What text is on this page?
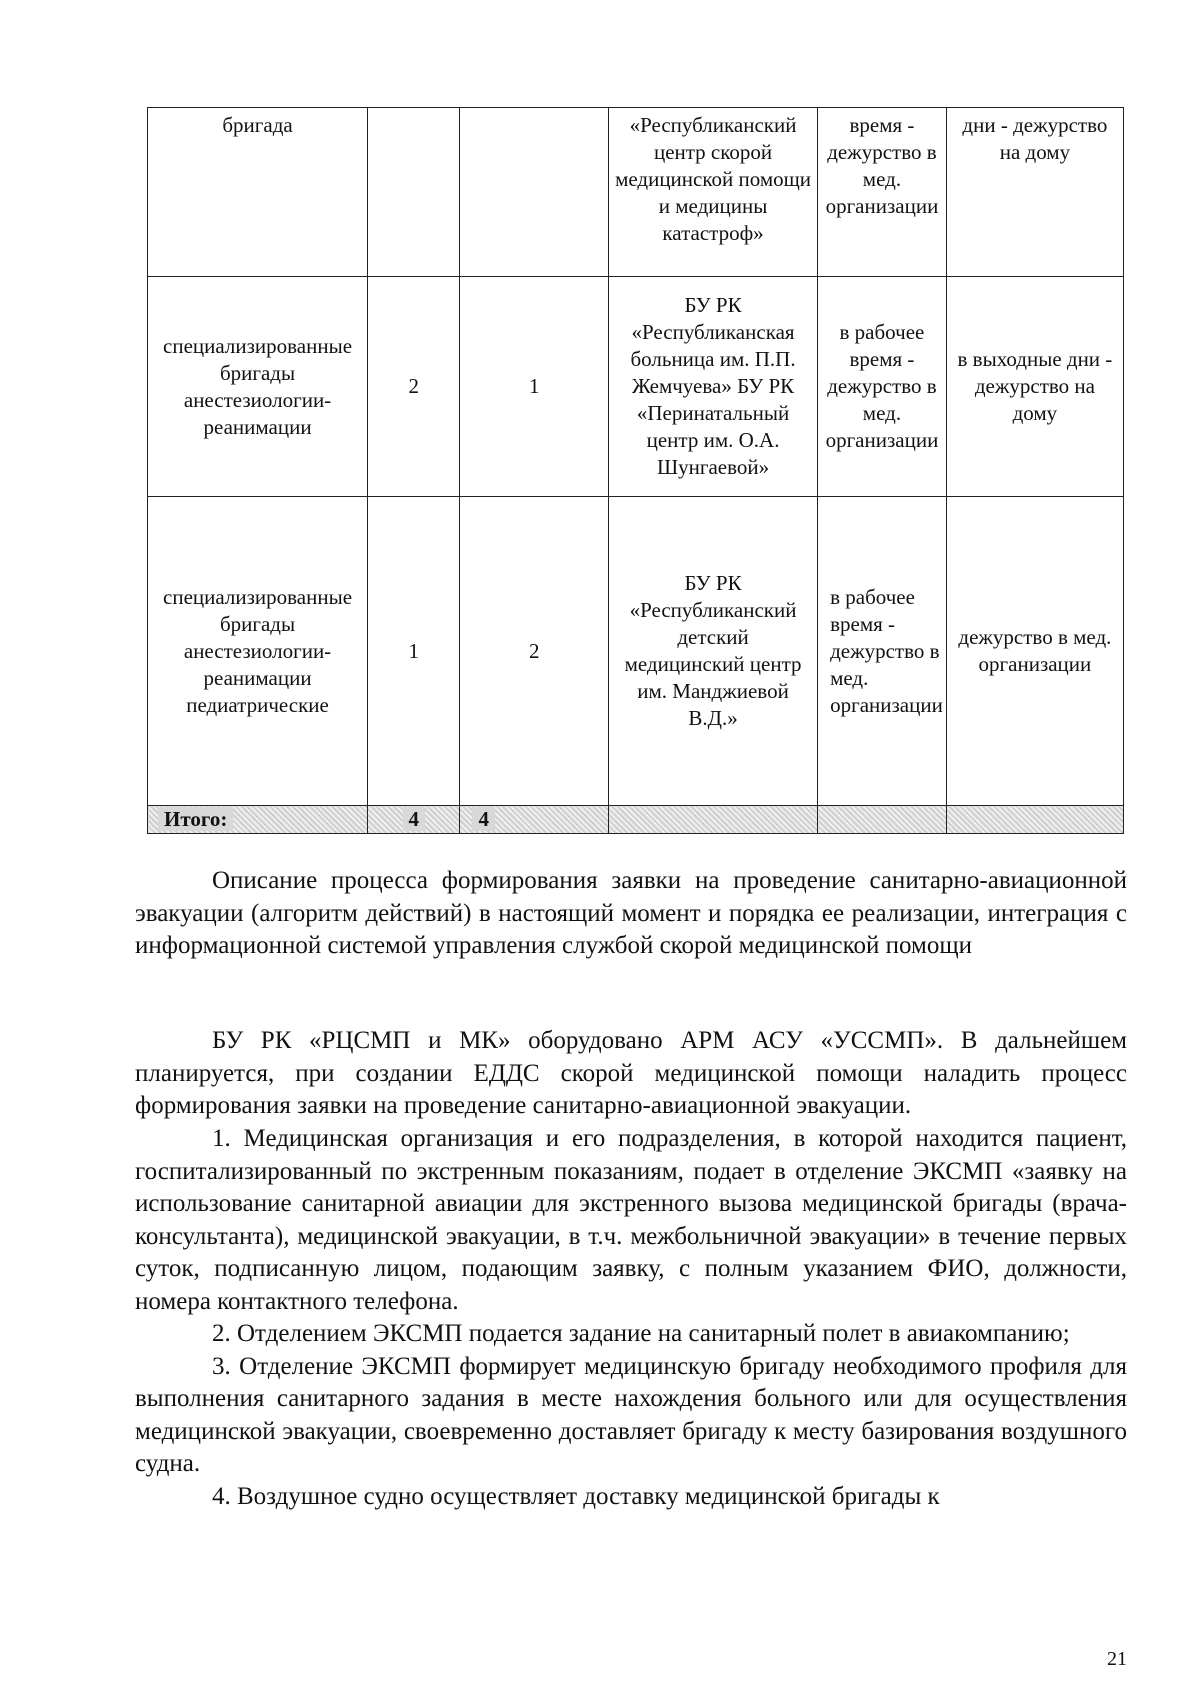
бригада			«Республиканский центр скорой медицинской помощи и медицины катастроф»	время - дежурство в мед. организации	дни - дежурство на дому
специализированные бригады анестезиологии-реанимации	2	1	БУ РК «Республиканская больница им. П.П. Жемчуева» БУ РК «Перинатальный центр им. О.А. Шунгаевой»	в рабочее время - дежурство в мед. организации	в выходные дни - дежурство на дому
специализированные бригады анестезиологии-реанимации педиатрические	1	2	БУ РК «Республиканский детский медицинский центр им. Манджиевой В.Д.»	в рабочее время - дежурство в мед. организации	дежурство в мед. организации
Итого:	4	4			

Описание процесса формирования заявки на проведение санитарно-авиационной эвакуации (алгоритм действий) в настоящий момент и порядка ее реализации, интеграция с информационной системой управления службой скорой медицинской помощи

БУ РК «РЦСМП и МК» оборудовано АРМ АСУ «УССМП». В дальнейшем планируется, при создании ЕДДС скорой медицинской помощи наладить процесс формирования заявки на проведение санитарно-авиационной эвакуации.

1. Медицинская организация и его подразделения, в которой находится пациент, госпитализированный по экстренным показаниям, подает в отделение ЭКСМП «заявку на использование санитарной авиации для экстренного вызова медицинской бригады (врача-консультанта), медицинской эвакуации, в т.ч. межбольничной эвакуации» в течение первых суток, подписанную лицом, подающим заявку, с полным указанием ФИО, должности, номера контактного телефона.

2. Отделением ЭКСМП подается задание на санитарный полет в авиакомпанию;

3. Отделение ЭКСМП формирует медицинскую бригаду необходимого профиля для выполнения санитарного задания в месте нахождения больного или для осуществления медицинской эвакуации, своевременно доставляет бригаду к месту базирования воздушного судна.

4. Воздушное судно осуществляет доставку медицинской бригады к

21
